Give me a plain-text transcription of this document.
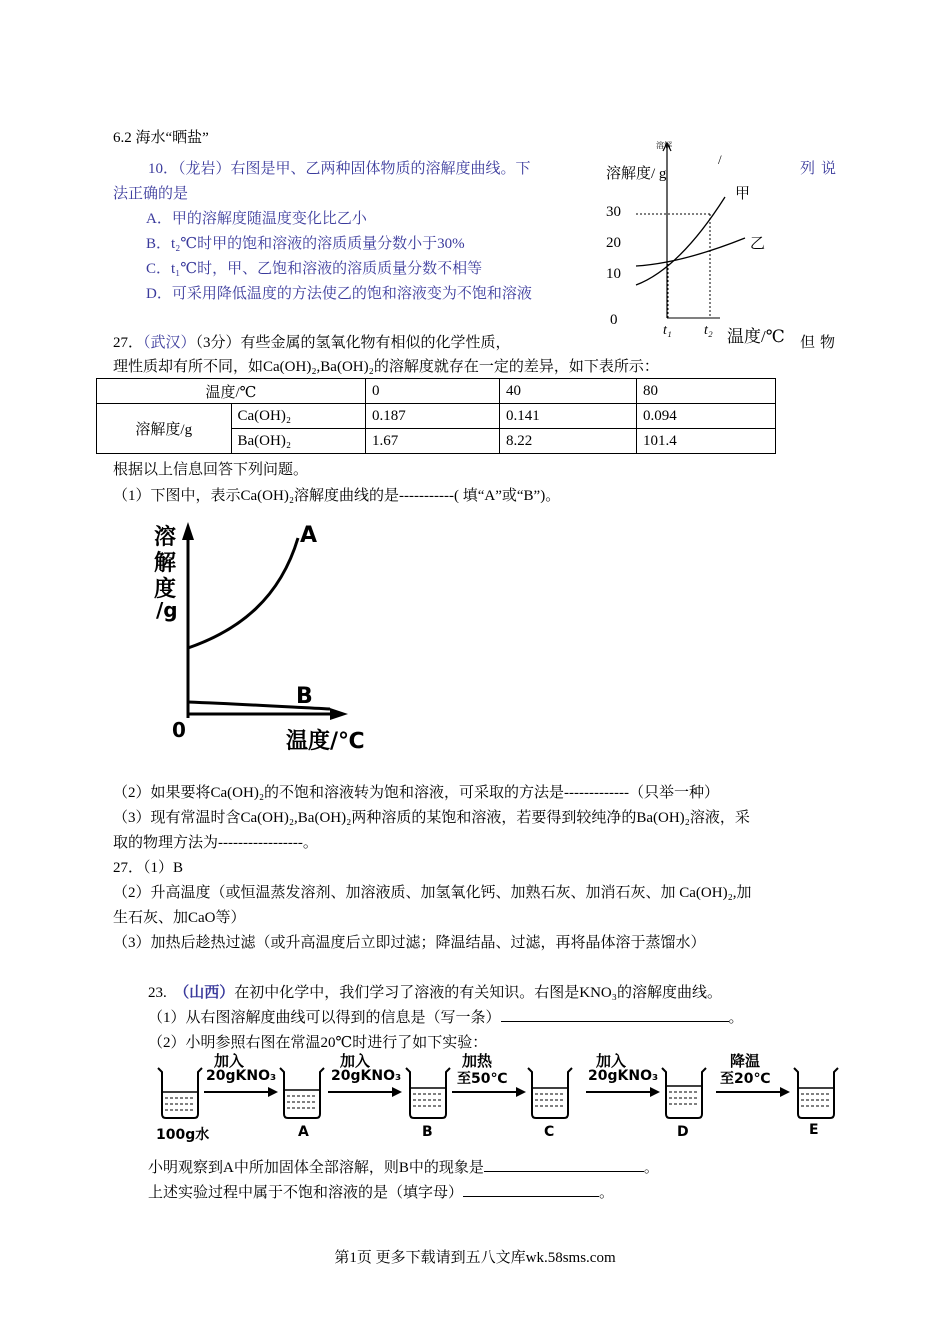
6.2 海水“晒盐”
10．（龙岩）右图是甲、乙两种固体物质的溶解度曲线。下	列说
法正确的是
A．甲的溶解度随温度变化比乙小
B．t₂℃时甲的饱和溶液的溶质质量分数小于30%
C．t₁℃时，甲、乙饱和溶液的溶质质量分数不相等
D．可采用降低温度的方法使乙的饱和溶液变为不饱和溶液
溶解
/
溶解度/ g
甲
乙
30
20
10
0
t₁ t₂ 温度/℃
27．（武汉）（3分）有些金属的氢氧化物有相似的化学性质，	但物
理性质却有所不同，如Ca(OH)₂,Ba(OH)₂的溶解度就存在一定的差异，如下表所示：
温度/℃		0	40	80
溶解度/g	Ca(OH)₂	0.187	0.141	0.094
	Ba(OH)₂	1.67	8.22	101.4
根据以上信息回答下列问题。
（1）下图中，表示Ca(OH)₂溶解度曲线的是-----------( 填“A”或“B”)。
溶
解
度
/g
A
B
0	温度/℃
（2）如果要将Ca(OH)₂的不饱和溶液转为饱和溶液，可采取的方法是-------------（只举一种）
（3）现有常温时含Ca(OH)₂,Ba(OH)₂两种溶质的某饱和溶液，若要得到较纯净的Ba(OH)₂溶液，采
取的物理方法为-----------------。
27．（1）B
（2）升高温度（或恒温蒸发溶剂、加溶液质、加氢氧化钙、加熟石灰、加消石灰、加 Ca(OH)₂,加
生石灰、加CaO等）
（3）加热后趁热过滤（或升高温度后立即过滤；降温结晶、过滤，再将晶体溶于蒸馏水）
23. （山西）在初中化学中，我们学习了溶液的有关知识。右图是KNO₃的溶解度曲线。
（1）从右图溶解度曲线可以得到的信息是（写一条）	。
（2）小明参照右图在常温20℃时进行了如下实验：
加入
20gKNO₃
加入
20gKNO₃
加热
至50℃
加入
20gKNO₃
降温
至20℃
100g水	A	B	C	D	E
小明观察到A中所加固体全部溶解，则B中的现象是	。
上述实验过程中属于不饱和溶液的是（填字母）	。
第1页 更多下载请到五八文库wk.58sms.com
